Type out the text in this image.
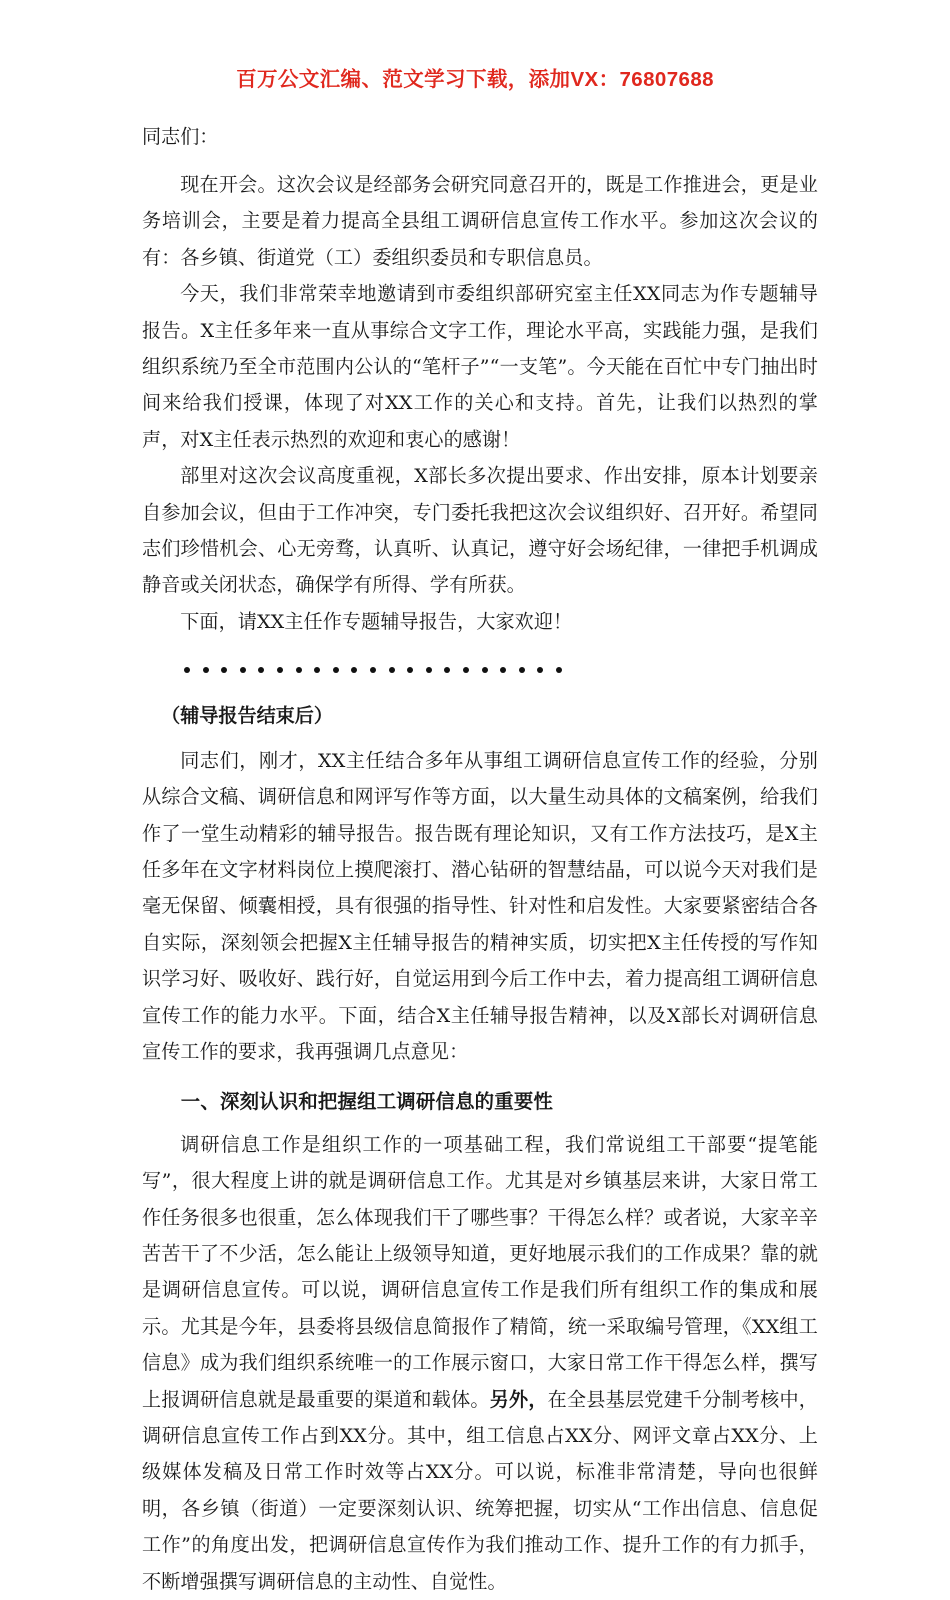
百万公文汇编、范文学习下载，添加VX：76807688
同志们：

现在开会。这次会议是经部务会研究同意召开的，既是工作推进会，更是业务培训会，主要是着力提高全县组工调研信息宣传工作水平。参加这次会议的有：各乡镇、街道党（工）委组织委员和专职信息员。

今天，我们非常荣幸地邀请到市委组织部研究室主任XX同志为作专题辅导报告。X主任多年来一直从事综合文字工作，理论水平高，实践能力强，是我们组织系统乃至全市范围内公认的“笔杆子”“一支笔”。今天能在百忙中专门抽出时间来给我们授课，体现了对XX工作的关心和支持。首先，让我们以热烈的掌声，对X主任表示热烈的欢迎和衷心的感谢！

部里对这次会议高度重视，X部长多次提出要求、作出安排，原本计划要亲自参加会议，但由于工作冲突，专门委托我把这次会议组织好、召开好。希望同志们珍惜机会、心无旁骛，认真听、认真记，遵守好会场纪律，一律把手机调成静音或关闭状态，确保学有所得、学有所获。

下面，请XX主任作专题辅导报告，大家欢迎！

（辅导报告结束后）

同志们，刚才，XX主任结合多年从事组工调研信息宣传工作的经验，分别从综合文稿、调研信息和网评写作等方面，以大量生动具体的文稿案例，给我们作了一堂生动精彩的辅导报告。报告既有理论知识，又有工作方法技巧，是X主任多年在文字材料岗位上摸爬滚打、潜心钻研的智慧结晶，可以说今天对我们是毫无保留、倾囊相授，具有很强的指导性、针对性和启发性。大家要紧密结合各自实际，深刻领会把握X主任辅导报告的精神实质，切实把X主任传授的写作知识学习好、吸收好、践行好，自觉运用到今后工作中去，着力提高组工调研信息宣传工作的能力水平。下面，结合X主任辅导报告精神，以及X部长对调研信息宣传工作的要求，我再强调几点意见：

一、深刻认识和把握组工调研信息的重要性

调研信息工作是组织工作的一项基础工程，我们常说组工干部要“提笔能写”，很大程度上讲的就是调研信息工作。尤其是对乡镇基层来讲，大家日常工作任务很多也很重，怎么体现我们干了哪些事？干得怎么样？或者说，大家辛辛苦苦干了不少活，怎么能让上级领导知道，更好地展示我们的工作成果？靠的就是调研信息宣传。可以说，调研信息宣传工作是我们所有组织工作的集成和展示。尤其是今年，县委将县级信息简报作了精简，统一采取编号管理，《XX组工信息》成为我们组织系统唯一的工作展示窗口，大家日常工作干得怎么样，撰写上报调研信息就是最重要的渠道和载体。另外，在全县基层党建千分制考核中，调研信息宣传工作占到XX分。其中，组工信息占XX分、网评文章占XX分、上级媒体发稿及日常工作时效等占XX分。可以说，标准非常清楚，导向也很鲜明，各乡镇（街道）一定要深刻认识、统筹把握，切实从“工作出信息、信息促工作”的角度出发，把调研信息宣传作为我们推动工作、提升工作的有力抓手，不断增强撰写调研信息的主动性、自觉性。
